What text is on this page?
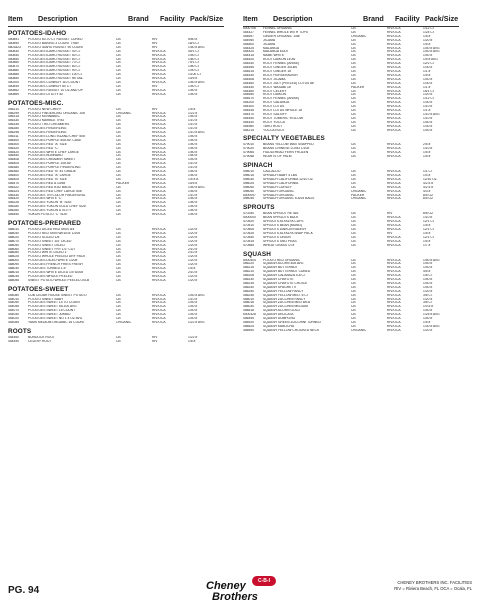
Item	Description	Brand	Facility Pack/Size
POTATOES-IDAHO
450891	POTATO 60-70 CT RUSSET CURED	CB	RIV	5/50 #
450890	POTATO BAKING 3 COUNT TRAY	CB	RIV	18/3 CT
5801823	POTATO IDAHO RUSSET 90 COUNT	CB	RIV	1/50 # AVG
450830	POTATOES IDAHO RUSSET 40 CT	CB	RIV/OCA	40/1 CT
450840	POTATOES IDAHO RUSSET 50 CT	CB	RIV/OCA	1/50 CT
450850	POTATOES IDAHO RUSSET 60 CT	CB	RIV/OCA	1/60 CT
450860	POTATOES IDAHO RUSSET 70 CT	CB	RIV/OCA	70/1 CT
450870	POTATOES IDAHO RUSSET 80 CT	CB	RIV/OCA	1/80 CT
450880	POTATOES IDAHO RUSSET 90 CT	CB	RIV/OCA	1/90 CT
450885	POTATOES IDAHO RUSSET 100 CT	CB	RIV/OCA	1/100 CT
450850	POTATOES IDAHO RUSSET RETAIL	CB	RIV/OCA	10/5 #
450200	POTATOES COWBOY 110 COUNT	CB	RIV/OCA	1/50 # AVG
450849	POTATOES COWBOY 60 CT	CB	RIV	1/50 CT
450862	POTATOES RUSSET 10 OZ AND UP	CB	RIV/OCA	1/50 #
450869	POTATOES UTILITY #2	CB	RIV/OCA	1/50 #
POTATOES-MISC.
456210	POTATO NEW CHEFF	CB	RIV	1/5 #
456299	POTATO FINGERLING ORGANIC 10#	ORGANIC	RIV/OCA	1/22 #
456315	POTATO KENNABEC	CB	RIV/OCA	1/50 #
456330	POTATO MARBLE TRIO	CB	RIV/OCA	1/10 #
456335	POTATO TRIO CREAMERS	CB	RIV/OCA	1/10 #
456280	POTATOES FINGERLING	CB	RIV/OCA	1/10 #
456298	POTATOES FINGERLING	CB	RIV/OCA	1/10 # AVG
456311	POTATOES LONG ISLAND CHEF 50#	CB	RIV/OCA	1/50 #
456400	POTATOES PURPLE 50# AV. CASE	CB	RIV/OCA	1/50 #
456300	POTATOES RED "A" SIZE	CB	RIV/OCA	1/50 #
456320	POTATOES RED "C"	CB	RIV/OCA	1/50 #
456420	POTATOES WHITE CHEF LARGE	CB	RIV/OCA	1/50 #
456450	POTATOES BONNARD	CB	RIV/OCA	1/50 #
456408	POTATOES CREAMER SWEET	CB	RIV/OCA	1/40 #
456405	POTATOES PURPLE 10# AV.	CB	RIV/OCA	1/10 #
456380	POTATOES PURPLE FINGERLING	CB	RIV/OCA	1/10 #
456360	POTATOES RED "B" #1 GRADE	CB	RIV/OCA	1/50 #
456400	POTATOES RED "A" LARGE	CB	RIV/OCA	1/50 #
456405	POTATOES RED "B" SIZE	CB	RIV/OCA	1/5 # A
456470	POTATOES RED A 10/5#	PACKER	RIV/OCA	10/5 #
456322	POTATOES RED B #2 BAGS	CB	RIV/OCA	1/50 # AVG
456324	POTATOES RED CHEF LARGE 50#	CB	RIV/OCA	1/50 #
456330	POTATOES TRI COLOR FINGERLING	CB	RIV/OCA	1/10 #
456420	POTATOES WHITE "C"	CB	RIV/OCA	1/50 #
456226	POTATOES YUKON "B" SIZE	CB	RIV/OCA	1/50 #
456280	POTATOES YUKON GOLD CHEF SIZE	CB	RIV/OCA	1/50 #
456260	POTATOES YUKON UTILITY	CB	RIV/OCA	1/50 #
456450	YUKON POTATO "C" SIZE	CB	RIV/OCA	1/50 #
POTATOES-PREPARED
488010	POTATO DICED RED SKIN 3/4"	CB	RIV/OCA	1/20 #
488040	POTATO RED SKIN WEDGE 1/20#	CB	RIV/OCA	1/20 #
488020	POTATO SLICED 1/8	CB	RIV/OCA	1/20 #
488070	POTATO SWEET 3/4" DICED	CB	RIV/OCA	1/20 #
488050	POTATO SWEET DICED	CB	RIV/OCA	1/20 #
488060	POTATO SWEET FRY 1/2" CUT	CB	RIV/OCA	2/10 #
488080	POTATO WHITE DICED 1"	CB	RIV/OCA	2/10 #
488025	POTATO WHOLE PEELED DRY PACK	CB	RIV/OCA	1/20 #
488000	POTATOES DICED WHITE 1/20#	CB	RIV/OCA	1/20 #
488090	POTATOES FRENCH FRIES FRESH	CB	RIV/OCA	1/20 #
488030	POTATOES TURNED 1.5"	CB	RIV/OCA	1/5 #
488015	POTATOES WHITE DICED 1/4"5/20#	CB	RIV/OCA	2/10 #
488035	POTATOES WHOLE PEELED	CB	RIV/OCA	1/20 #
488056	SWEET POTATO WHOLE PEELED 20LB	CB	RIV/OCA	1/20 #
POTATOES-SWEET
454080	CUB CEDAR HOUSE SWEET POTATO	CB	RIV/OCA	1/40 # AVG
454010	POTATO SWEET BABY	CB	RIV/OCA	1/10 #
454050	POTATOES SWEET 14 TO COUNT	CB	RIV/OCA	1/40 #
454055	POTATOES SWEET 55-100 AVG	CB	RIV/OCA	1/40 #
454070	POTATOES SWEET 15 COUNT	CB	RIV/OCA	1/40 #
454040	POTATOES SWEET JUMBO	CB	RIV/OCA	1/40 #
454020	POTATOES SWEET NO 1 4 OZ AVG	CB	RIV/OCA	1/40 #
454085	YAMS MEDIUM ORGANIC 16 COUNT	ORGANIC	RIV/OCA	1/22 # AVG
ROOTS
454460	BURDOCK ROOT	CB	RIV	1/22 #
454490	CELERY ROOT	CB	RIV	1/5 #
Item	Description	Brand	Facility Pack/Size
5000706	FENNEL ORGANIC	CB	RIV/OCA	1/12 CT
454427	FENNEL WHOLE WITH TOPS	CB	RIV/OCA	1/24 CT
454697	GINGER ORGANIC 1/5#	ORGANIC	RIV/OCA	1/5 #
454950	JICAMA	CB	RIV/OCA	1/20 #
454800	JICAMA	CB	RIV/OCA	1/5 #
454425	MALANGA	CB	RIV/OCA	1/40 # AVG
454420	MALANGA EDDI	CB	RIV/OCA	1/40 # AVG
454415	NAME WHITE	CB	RIV/OCA	1/40 #
454520	ROOT DAIKON 1# AV	CB	RIV/OCA	1/5 # AVG
454530	ROOT FENNEL (ANISE)	CB	RIV/OCA	12/2 CT
454555	ROOT GINGER 30LBS	CB	RIV/OCA	1/30 #
454615	ROOT GINGER 1#	CB	RIV/OCA	1/1 #
454530	ROOT HORSERADISH	CB	RIV/OCA	1/5 #
454508	ROOT JICAMA	CB	RIV/OCA	1/40 #
454460	ROOT JULY (PEELED) LOTUS 8#	CB	RIV/OCA	1/30 #
454440	ROOT WASABI 1#	PACKER	RIV/OCA	1/1 #
454460	ROOT CELERY	CB	RIV/OCA	15/1 CT
454650	ROOT DAIKON	CB	RIV/OCA	1/20 #
454670	ROOT FENNEL (ANISE)	CB	RIV/OCA	1/12 CT
454200	ROOT GALANGA	CB	RIV/OCA	1/30 #
454300	ROOT LOTUS	CB	RIV/OCA	1/10 #
454535	ROOT LOTUS WHOLE 1#	CB	RIV/OCA	1/1 #
454470	ROOT SALSIFY	CB	RIV/OCA	1/10 # AVG
454450	ROOT TUMERIC YELLOW	CB	RIV/OCA	1/10 #
454440	ROOT YUCCA	CB	RIV/OCA	1/40 #
454980	TARO ROOT	CB	RIV/OCA	1/30 #
454215	YUCCA ROOT	CB	RIV/OCA	1/40 #
SPECIALTY VEGETABLES
479010	BEANS YELLOW WAX SNAPPED	CB	RIV/OCA	2/5 #
479020	BEANS CHINESE LONG 1/10#	CB	RIV/OCA	1/10 #
479065	FIDDLEHEAD FERN FROZEN	CB	RIV/OCA	1/5 #
479058	HEARTS OF PALM	CB	RIV/OCA	1/5 #
SPINACH
498010	CALLALOO	CB	RIV/OCA	1/1 CT
498015	SPINACH BABY 4 LBS	CB	RIV/OCA	1/4 #
498030	SPINACH CALIFORNIA 12/10 OZ	CB	RIV/OCA	12/10 OZ
498025	SPINACH CALIFORNIA	CB	RIV/OCA	4/2.5 #
498050	SPINACH CURLEY	CB	RIV/OCA	4/2.5 #
498040	SPINACH ORGANIC	ORGANIC	RIV/OCA	4/3 #
5000097	SPINACH ORGANIC	PACKER	RIV/OCA	8/5 OZ
498045	SPINACH ORGANIC 6-5/25 BAGS	ORGANIC	RIV/OCA	6/5 OZ
SPROUTS
470250	BEAN SPROUT RETAIL	CB	RIV	8/8 OZ
5000000	BEAN SPROUTS BULK	CB	RIV/OCA	1/10 #
470520	SPROUTS ALFALFA CUPS	CB	RIV/OCA	12/1 CT
470510	SPROUTS BEAN (MUNG)	CB	RIV/OCA	1/5 #
470505	SPROUTS DAIKON RADISH	CB	RIV/OCA	12/1 CT
470525	SPROUTS ALFALFA SNAP PACK	CB	RIV	1/5 #
470540	SPROUTS ONION	CB	RIV/OCA	12/1 CT
470515	SPROUTS SNO PEAS	CB	RIV/OCA	1/5 #
470585	WHEAT GRASS 1/7#	CB	RIV/OCA	1/7 #
SQUASH
5000404	POTATO RED ORGANIC	CB	RIV/OCA	1/50 # AVG
456220	SQUASH ACORN 40# AVG	CB	RIV/OCA	1/40 #
456215	SQUASH BUTTERNUT	CB	RIV/OCA	1/40 #
456210	SQUASH BUTTERNUT CUBED	CB	RIV/OCA	4/5 #
456208	SQUASH CALABAZA 4-8 CT	CB	RIV/OCA	1/8 CT
456230	SQUASH CHAYOTE	CB	RIV/OCA	1/40 #
456235	SQUASH CHAYOTE CHOICE	CB	RIV/OCA	1/40 #
456240	SQUASH SPAGHETTI	CB	RIV/OCA	1/40 #
456250	SQUASH YELLOW FANCY	CB	RIV/OCA	1/20 #
456245	SQUASH YELLOW MED. 6 CT	CB	RIV/OCA	3/6 CT
458010	SQUASH ZUCCHINI FANCY	CB	RIV/OCA	1/20 #
458016	SQUASH ZUCCHINI MED 6/EA	CB	RIV/OCA	3/6 CT
458030	SQUASH ZUCCHINI MEDIUM	CB	RIV/OCA	1/0.5 #
458518	SQUASH ACORN GOLD	CB	RIV/OCA	1/40 #
5000328	SQUASH DELICATA	CB	RIV/OCA	1/25 # AVG
456455	SQUASH DUMPLING	CB	RIV/OCA	1/40 #
456920	SQUASH GREEN ZUCCHINI TURNED	CB	RIV/OCA	1/5 #
458525	SQUASH KABOCHA	CB	RIV/OCA	1/30 # AVG
456590	SQUASH YELLOW CROOKED NECK	ORGANIC	RIV/OCA	1/20 #
PG. 94
C-B-I
Cheney
Brothers
CHENEY BROTHERS INC. FACILITIES
RIV = Riviera Beach, FL OCA = Ocala, FL
